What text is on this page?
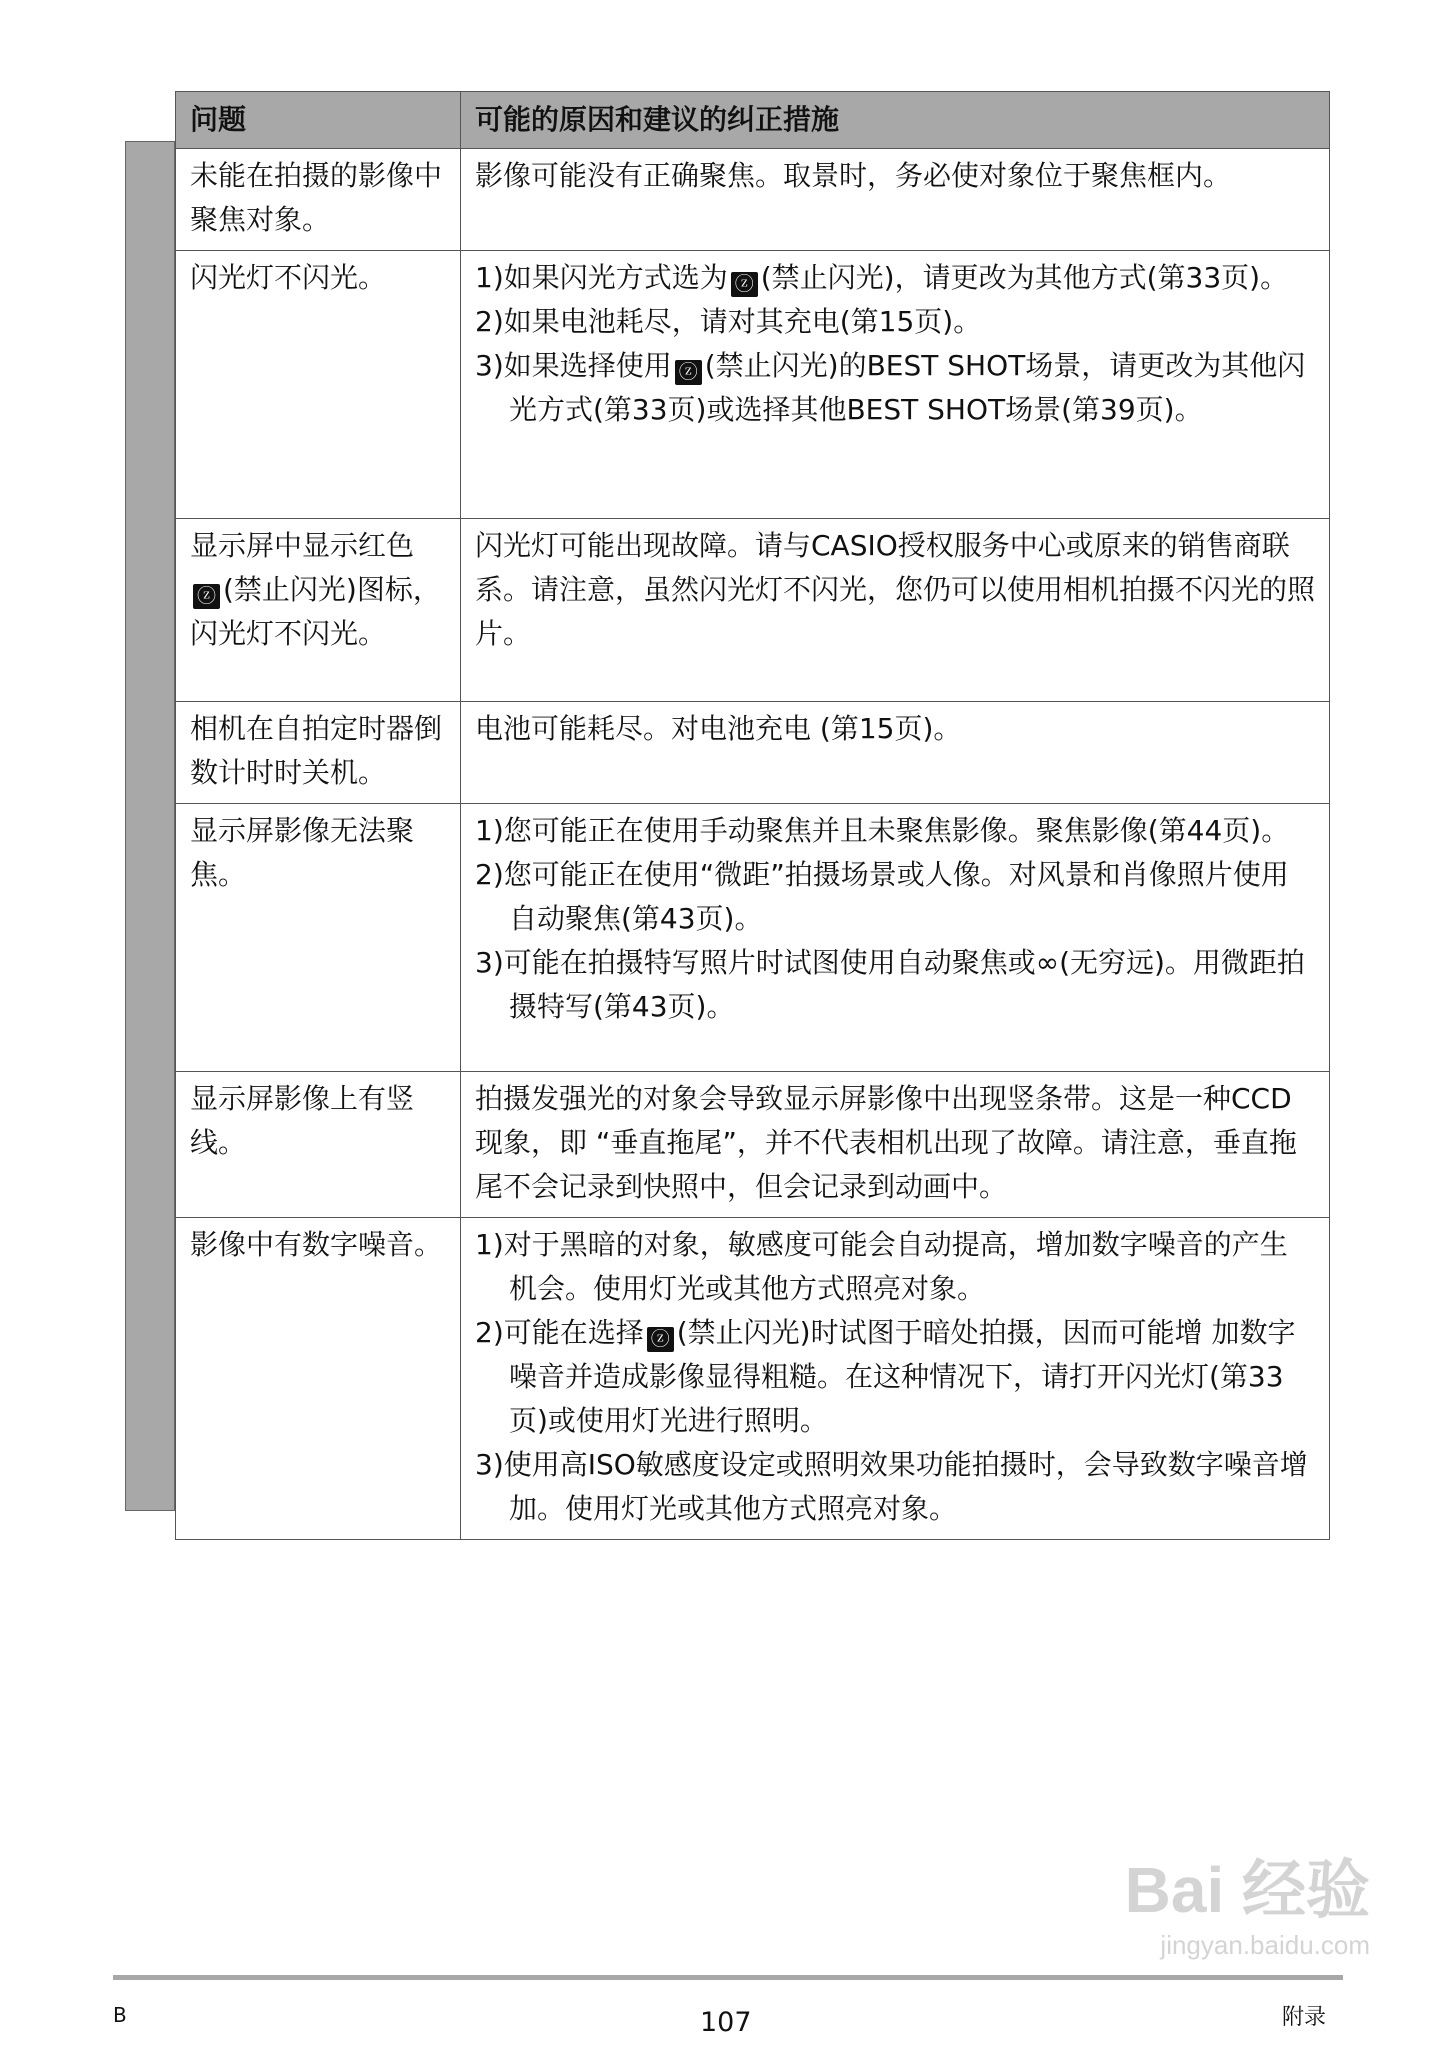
问题	可能的原因和建议的纠正措施
未能在拍摄的影像中聚焦对象。	影像可能没有正确聚焦。取景时，务必使对象位于聚焦框内。

闪光灯不闪光。	1)如果闪光方式选为 ⓩ (禁止闪光)，请更改为其他方式(第33页)。
2)如果电池耗尽，请对其充电(第15页)。
3)如果选择使用 ⓩ (禁止闪光)的BEST SHOT场景，请更改为其他闪光方式(第33页)或选择其他BEST SHOT场景(第39页)。

显示屏中显示红色ⓩ (禁止闪光)图标，闪光灯不闪光。	闪光灯可能出现故障。请与CASIO授权服务中心或原来的销售商联系。请注意，虽然闪光灯不闪光，您仍可以使用相机拍摄不闪光的照片。

相机在自拍定时器倒数计时时关机。	电池可能耗尽。对电池充电 (第15页)。

显示屏影像无法聚焦。	1)您可能正在使用手动聚焦并且未聚焦影像。聚焦影像(第44页)。
2)您可能正在使用“微距”拍摄场景或人像。对风景和肖像照片使用自动聚焦(第43页)。
3)可能在拍摄特写照片时试图使用自动聚焦或∞(无穷远)。用微距拍摄特写(第43页)。

显示屏影像上有竖线。	拍摄发强光的对象会导致显示屏影像中出现竖条带。这是一种CCD现象，即 “垂直拖尾”，并不代表相机出现了故障。请注意，垂直拖尾不会记录到快照中，但会记录到动画中。

影像中有数字噪音。	1)对于黑暗的对象，敏感度可能会自动提高，增加数字噪音的产生机会。使用灯光或其他方式照亮对象。
2)可能在选择 ⓩ (禁止闪光)时试图于暗处拍摄，因而可能增 加数字噪音并造成影像显得粗糙。在这种情况下，请打开闪光灯(第33页)或使用灯光进行照明。
3)使用高ISO敏感度设定或照明效果功能拍摄时，会导致数字噪音增加。使用灯光或其他方式照亮对象。
Bai 经验
jingyan.baidu.com
B	107	附录
